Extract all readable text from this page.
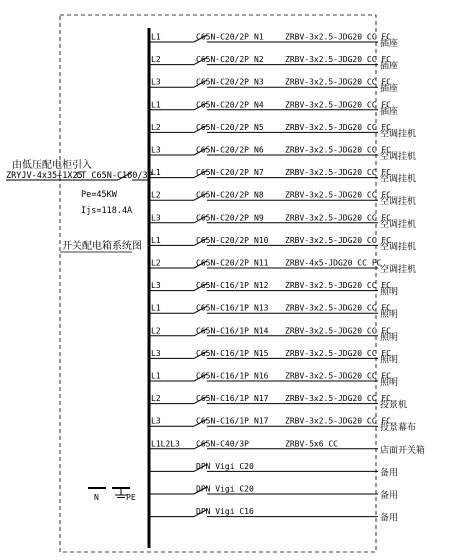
由低压配电柜引入
ZRYJV-4x35+1X25
CT C65N-C160/3P
Pe=45KW
Ijs=118.4A
开关配电箱系统图
N	PE
L1	C65N-C20/2P N1	ZRBV-3x2.5-JDG20 CC FC
插座
L2	C65N-C20/2P N2	ZRBV-3x2.5-JDG20 CC FC
插座
L3	C65N-C20/2P N3	ZRBV-3x2.5-JDG20 CC FC
插座
L1	C65N-C20/2P N4	ZRBV-3x2.5-JDG20 CC FC
插座
L2	C65N-C20/2P N5	ZRBV-3x2.5-JDG20 CC FC
空调挂机
L3	C65N-C20/2P N6	ZRBV-3x2.5-JDG20 CC FC
空调挂机
L1	C65N-C20/2P N7	ZRBV-3x2.5-JDG20 CC FC
空调挂机
L2	C65N-C20/2P N8	ZRBV-3x2.5-JDG20 CC FC
空调挂机
L3	C65N-C20/2P N9	ZRBV-3x2.5-JDG20 CC FC
空调挂机
L1	C65N-C20/2P N10 ZRBV-3x2.5-JDG20 CC FC
空调挂机
L2	C65N-C20/2P N11 ZRBV-4x5-JDG20 CC FC
空调挂机
L3	C65N-C16/1P N12 ZRBV-3x2.5-JDG20 CC FC
照明
L1	C65N-C16/1P N13 ZRBV-3x2.5-JDG20 CC FC
照明
L2	C65N-C16/1P N14 ZRBV-3x2.5-JDG20 CC FC
照明
L3	C65N-C16/1P N15 ZRBV-3x2.5-JDG20 CC FC
照明
L1	C65N-C16/1P N16 ZRBV-3x2.5-JDG20 CC FC
照明
L2	C65N-C16/1P N17 ZRBV-3x2.5-JDG20 CC FC
投景机
L3	C65N-C16/1P N17 ZRBV-3x2.5-JDG20 CC FC
投景幕布
L1L2L3 C65N-C40/3P	ZRBV-5x6 CC
店面开关箱
DPN Vigi C20
备用
DPN Vigi C20
备用
DPN Vigi C16
备用
